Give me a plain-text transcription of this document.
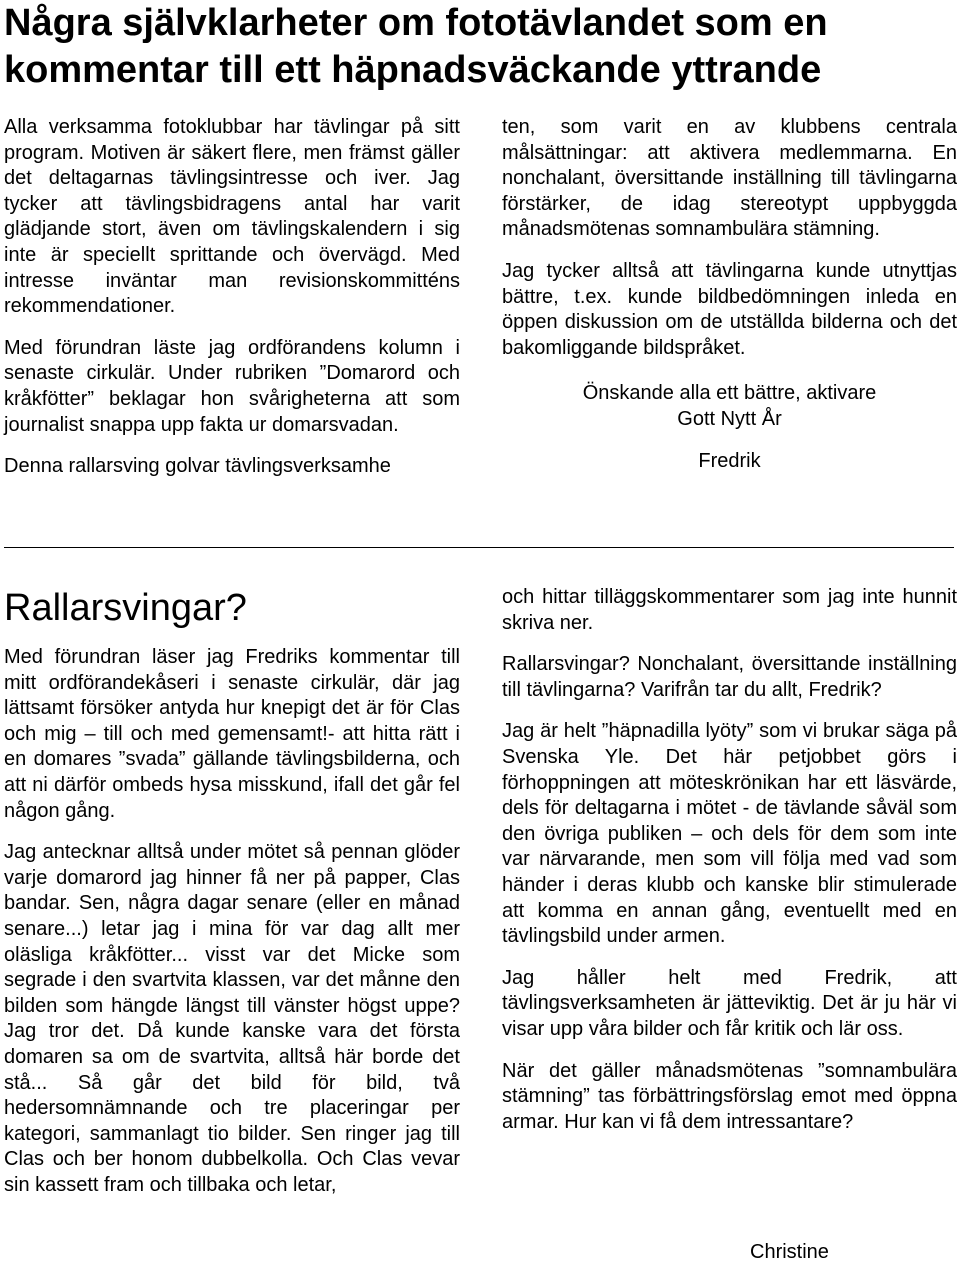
Några självklarheter om fototävlandet som en kommentar till ett häpnadsväckande yttrande

Alla verksamma fotoklubbar har tävlingar på sitt program. Motiven är säkert flere, men främst gäller det deltagarnas tävlingsintresse och iver. Jag tycker att tävlingsbidragens antal har varit glädjande stort, även om tävlingskalendern i sig inte är speciellt sprittande och övervägd. Med intresse inväntar man revisionskommitténs rekommendationer.

Med förundran läste jag ordförandens kolumn i senaste cirkulär. Under rubriken ”Domarord och kråkfötter” beklagar hon svårigheterna att som journalist snappa upp fakta ur domarsvadan.

Denna rallarsving golvar tävlingsverksamhe

ten, som varit en av klubbens centrala målsättningar: att aktivera medlemmarna. En nonchalant, översittande inställning till tävlingarna förstärker, de idag stereotypt uppbyggda månadsmötenas somnambulära stämning.

Jag tycker alltså att tävlingarna kunde utnyttjas bättre, t.ex. kunde bildbedömningen inleda en öppen diskussion om de utställda bilderna och det bakomliggande bildspråket.

Önskande alla ett bättre, aktivare

Gott Nytt År

Fredrik

Rallarsvingar?

Med förundran läser jag Fredriks kommentar till mitt ordförandekåseri i senaste cirkulär, där jag lättsamt försöker antyda hur knepigt det är för Clas och mig – till och med gemensamt!- att hitta rätt i en domares ”svada” gällande tävlingsbilderna, och att ni därför ombeds hysa misskund, ifall det går fel någon gång.

Jag antecknar alltså under mötet så pennan glöder varje domarord jag hinner få ner på papper, Clas bandar. Sen, några dagar senare (eller en månad senare...) letar jag i mina för var dag allt mer oläsliga kråkfötter... visst var det Micke som segrade i den svartvita klassen, var det månne den bilden som hängde längst till vänster högst uppe? Jag tror det. Då kunde kanske vara det första domaren sa om de svartvita, alltså här borde det stå... Så går det bild för bild, två hedersomnämnande och tre placeringar per kategori, sammanlagt tio bilder. Sen ringer jag till Clas och ber honom dubbelkolla. Och Clas vevar sin kassett fram och tillbaka och letar,

och hittar tilläggskommentarer som jag inte hunnit skriva ner.

Rallarsvingar? Nonchalant, översittande inställning till tävlingarna? Varifrån tar du allt, Fredrik?

Jag är helt ”häpnadilla lyöty” som vi brukar säga på Svenska Yle. Det här petjobbet görs i förhoppningen att möteskrönikan har ett läsvärde, dels för deltagarna i mötet - de tävlande såväl som den övriga publiken – och dels för dem som inte var närvarande, men som vill följa med vad som händer i deras klubb och kanske blir stimulerade att komma en annan gång, eventuellt med en tävlingsbild under armen.

Jag håller helt med Fredrik, att tävlingsverksamheten är jätteviktig. Det är ju här vi visar upp våra bilder och får kritik och lär oss.

När det gäller månadsmötenas ”somnambulära stämning” tas förbättringsförslag emot med öppna armar. Hur kan vi få dem intressantare?

Christine
